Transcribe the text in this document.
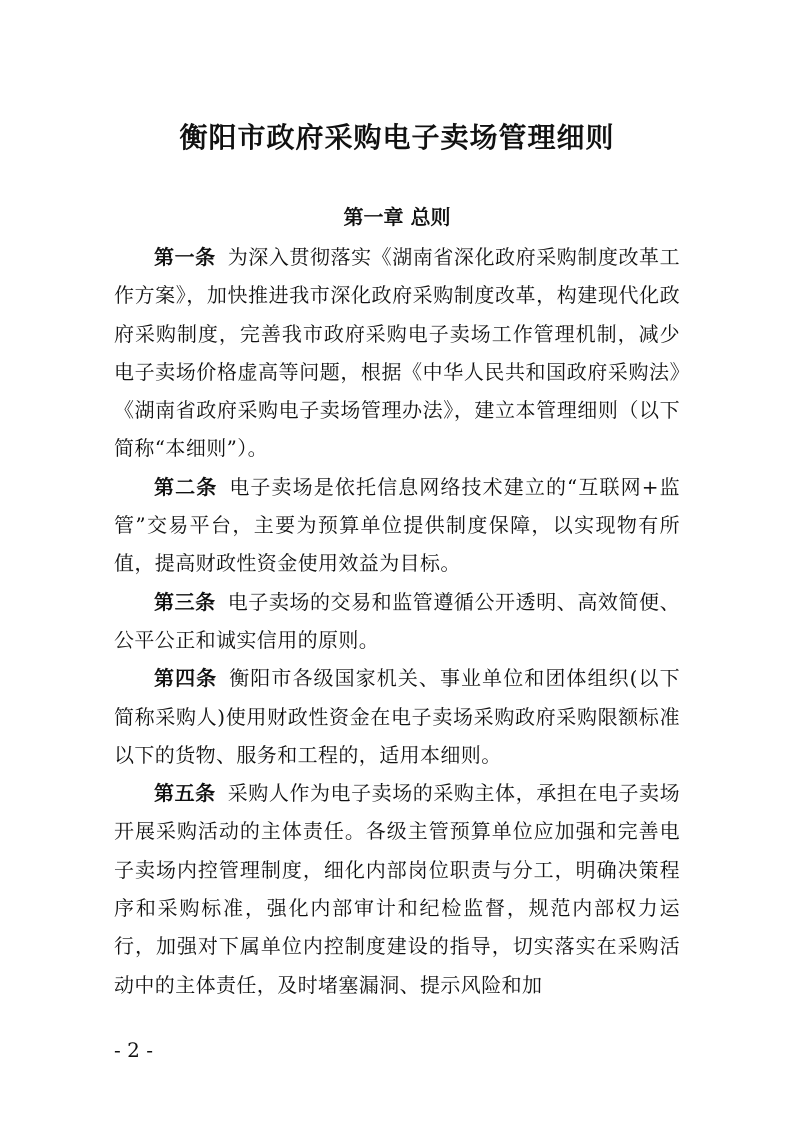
衡阳市政府采购电子卖场管理细则
第一章 总则

第一条 为深入贯彻落实《湖南省深化政府采购制度改革工作方案》，加快推进我市深化政府采购制度改革，构建现代化政府采购制度，完善我市政府采购电子卖场工作管理机制，减少电子卖场价格虚高等问题，根据《中华人民共和国政府采购法》《湖南省政府采购电子卖场管理办法》，建立本管理细则（以下简称“本细则”）。

第二条 电子卖场是依托信息网络技术建立的“互联网+监管”交易平台，主要为预算单位提供制度保障，以实现物有所值，提高财政性资金使用效益为目标。

第三条 电子卖场的交易和监管遵循公开透明、高效简便、公平公正和诚实信用的原则。

第四条 衡阳市各级国家机关、事业单位和团体组织(以下简称采购人)使用财政性资金在电子卖场采购政府采购限额标准以下的货物、服务和工程的，适用本细则。

第五条 采购人作为电子卖场的采购主体，承担在电子卖场开展采购活动的主体责任。各级主管预算单位应加强和完善电子卖场内控管理制度，细化内部岗位职责与分工，明确决策程序和采购标准，强化内部审计和纪检监督，规范内部权力运行，加强对下属单位内控制度建设的指导，切实落实在采购活动中的主体责任，及时堵塞漏洞、提示风险和加

- 2 -
